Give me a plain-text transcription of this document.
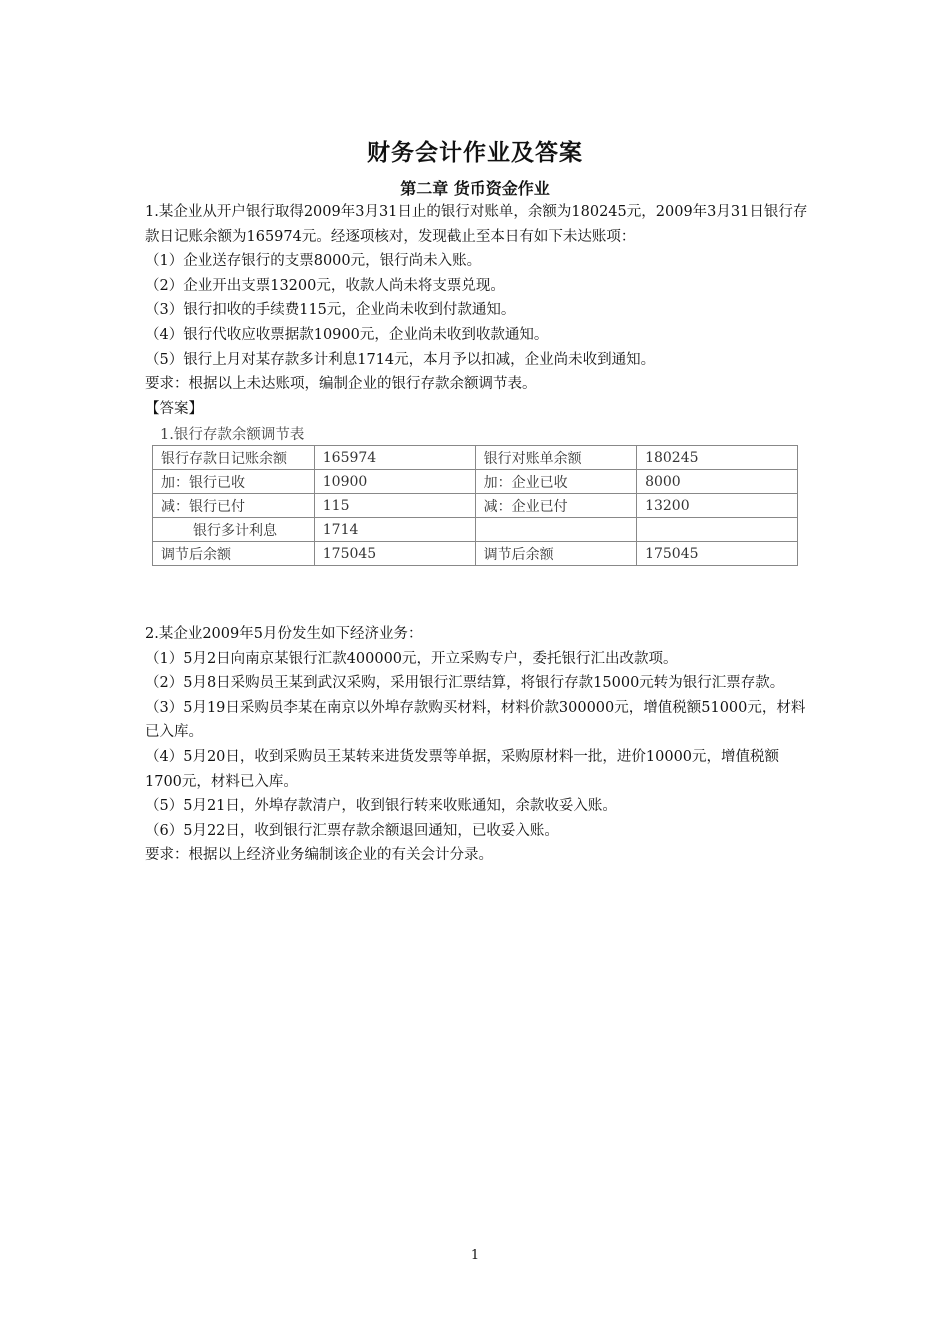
财务会计作业及答案
第二章 货币资金作业

1.某企业从开户银行取得2009年3月31日止的银行对账单，余额为180245元，2009年3月31日银行存款日记账余额为165974元。经逐项核对，发现截止至本日有如下未达账项：

（1）企业送存银行的支票8000元，银行尚未入账。

（2）企业开出支票13200元，收款人尚未将支票兑现。

（3）银行扣收的手续费115元，企业尚未收到付款通知。

（4）银行代收应收票据款10900元，企业尚未收到收款通知。

（5）银行上月对某存款多计利息1714元，本月予以扣减，企业尚未收到通知。

要求：根据以上未达账项，编制企业的银行存款余额调节表。

【答案】

1.银行存款余额调节表
银行存款日记账余额	165974	银行对账单余额	180245
加：银行已收	10900	加：企业已收	8000
减：银行已付	115	减：企业已付	13200
银行多计利息	1714		
调节后余额	175045	调节后余额	175045

2.某企业2009年5月份发生如下经济业务：

（1）5月2日向南京某银行汇款400000元，开立采购专户，委托银行汇出改款项。

（2）5月8日采购员王某到武汉采购，采用银行汇票结算，将银行存款15000元转为银行汇票存款。

（3）5月19日采购员李某在南京以外埠存款购买材料，材料价款300000元，增值税额51000元，材料已入库。

（4）5月20日，收到采购员王某转来进货发票等单据，采购原材料一批，进价10000元，增值税额1700元，材料已入库。

（5）5月21日，外埠存款清户，收到银行转来收账通知，余款收妥入账。

（6）5月22日，收到银行汇票存款余额退回通知，已收妥入账。

要求：根据以上经济业务编制该企业的有关会计分录。

1
